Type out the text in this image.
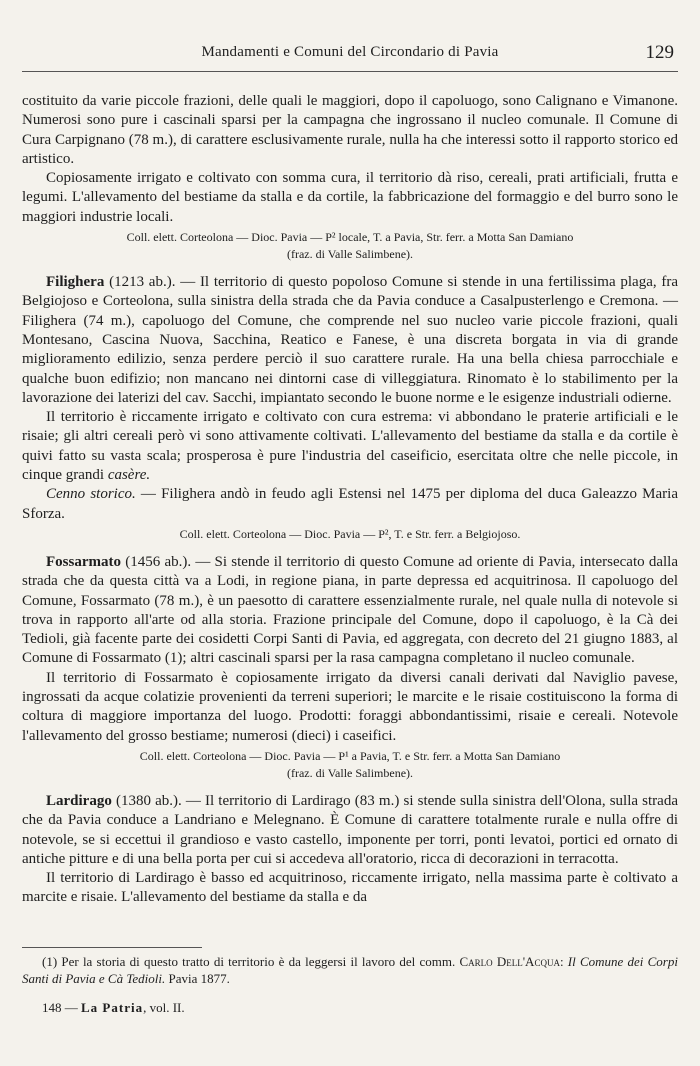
Mandamenti e Comuni del Circondario di Pavia	129

costituito da varie piccole frazioni, delle quali le maggiori, dopo il capoluogo, sono Calignano e Vimanone. Numerosi sono pure i cascinali sparsi per la campagna che ingrossano il nucleo comunale. Il Comune di Cura Carpignano (78 m.), di carattere esclusivamente rurale, nulla ha che interessi sotto il rapporto storico ed artistico.

Copiosamente irrigato e coltivato con somma cura, il territorio dà riso, cereali, prati artificiali, frutta e legumi. L'allevamento del bestiame da stalla e da cortile, la fabbricazione del formaggio e del burro sono le maggiori industrie locali.

Coll. elett. Corteolona — Dioc. Pavia — P² locale, T. a Pavia, Str. ferr. a Motta San Damiano
(fraz. di Valle Salimbene).

Filighera (1213 ab.). — Il territorio di questo popoloso Comune si stende in una fertilissima plaga, fra Belgiojoso e Corteolona, sulla sinistra della strada che da Pavia conduce a Casalpusterlengo e Cremona. — Filighera (74 m.), capoluogo del Comune, che comprende nel suo nucleo varie piccole frazioni, quali Montesano, Cascina Nuova, Sacchina, Reatico e Fanese, è una discreta borgata in via di grande miglioramento edilizio, senza perdere perciò il suo carattere rurale. Ha una bella chiesa parrocchiale e qualche buon edifizio; non mancano nei dintorni case di villeggiatura. Rinomato è lo stabilimento per la lavorazione dei laterizi del cav. Sacchi, impiantato secondo le buone norme e le esigenze industriali odierne.

Il territorio è riccamente irrigato e coltivato con cura estrema: vi abbondano le praterie artificiali e le risaie; gli altri cereali però vi sono attivamente coltivati. L'allevamento del bestiame da stalla e da cortile è quivi fatto su vasta scala; prosperosa è pure l'industria del caseificio, esercitata oltre che nelle piccole, in cinque grandi casère.

Cenno storico. — Filighera andò in feudo agli Estensi nel 1475 per diploma del duca Galeazzo Maria Sforza.

Coll. elett. Corteolona — Dioc. Pavia — P², T. e Str. ferr. a Belgiojoso.

Fossarmato (1456 ab.). — Si stende il territorio di questo Comune ad oriente di Pavia, intersecato dalla strada che da questa città va a Lodi, in regione piana, in parte depressa ed acquitrinosa. Il capoluogo del Comune, Fossarmato (78 m.), è un paesotto di carattere essenzialmente rurale, nel quale nulla di notevole si trova in rapporto all'arte od alla storia. Frazione principale del Comune, dopo il capoluogo, è la Cà dei Tedioli, già facente parte dei cosidetti Corpi Santi di Pavia, ed aggregata, con decreto del 21 giugno 1883, al Comune di Fossarmato (1); altri cascinali sparsi per la rasa campagna completano il nucleo comunale.

Il territorio di Fossarmato è copiosamente irrigato da diversi canali derivati dal Naviglio pavese, ingrossati da acque colatizie provenienti da terreni superiori; le marcite e le risaie costituiscono la forma di coltura di maggiore importanza del luogo. Prodotti: foraggi abbondantissimi, risaie e cereali. Notevole l'allevamento del grosso bestiame; numerosi (dieci) i caseifici.

Coll. elett. Corteolona — Dioc. Pavia — P¹ a Pavia, T. e Str. ferr. a Motta San Damiano
(fraz. di Valle Salimbene).

Lardirago (1380 ab.). — Il territorio di Lardirago (83 m.) si stende sulla sinistra dell'Olona, sulla strada che da Pavia conduce a Landriano e Melegnano. È Comune di carattere totalmente rurale e nulla offre di notevole, se si eccettui il grandioso e vasto castello, imponente per torri, ponti levatoi, portici ed ornato di antiche pitture e di una bella porta per cui si accedeva all'oratorio, ricca di decorazioni in terracotta.

Il territorio di Lardirago è basso ed acquitrinoso, riccamente irrigato, nella massima parte è coltivato a marcite e risaie. L'allevamento del bestiame da stalla e da

(1) Per la storia di questo tratto di territorio è da leggersi il lavoro del comm. Carlo Dell'Acqua: Il Comune dei Corpi Santi di Pavia e Cà Tedioli. Pavia 1877.
148 — La Patria, vol. II.
